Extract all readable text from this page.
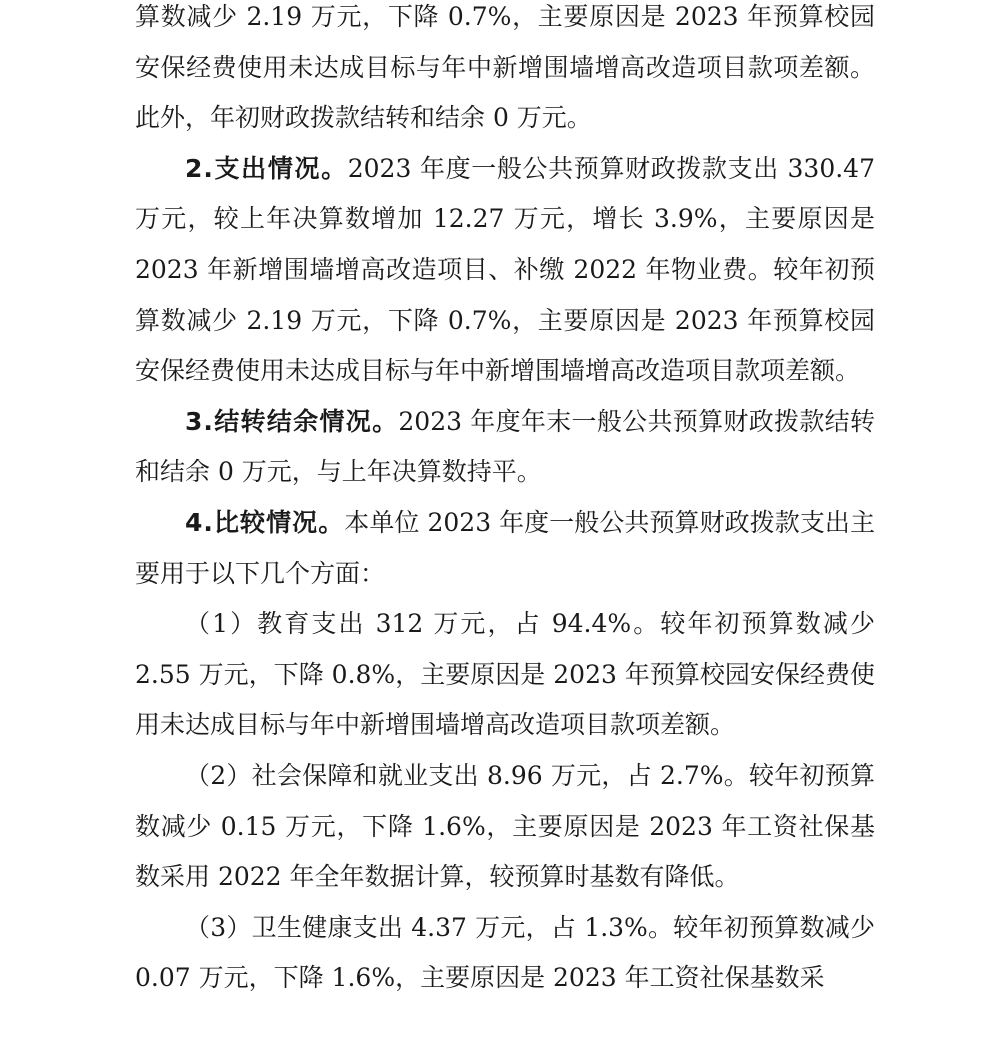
算数减少 2.19 万元，下降 0.7%，主要原因是 2023 年预算校园安保经费使用未达成目标与年中新增围墙增高改造项目款项差额。此外，年初财政拨款结转和结余 0 万元。

2.支出情况。2023 年度一般公共预算财政拨款支出 330.47 万元，较上年决算数增加 12.27 万元，增长 3.9%，主要原因是 2023 年新增围墙增高改造项目、补缴 2022 年物业费。较年初预算数减少 2.19 万元，下降 0.7%，主要原因是 2023 年预算校园安保经费使用未达成目标与年中新增围墙增高改造项目款项差额。

3.结转结余情况。2023 年度年末一般公共预算财政拨款结转和结余 0 万元，与上年决算数持平。

4.比较情况。本单位 2023 年度一般公共预算财政拨款支出主要用于以下几个方面：

（1）教育支出 312 万元，占 94.4%。较年初预算数减少 2.55 万元，下降 0.8%，主要原因是 2023 年预算校园安保经费使用未达成目标与年中新增围墙增高改造项目款项差额。

（2）社会保障和就业支出 8.96 万元，占 2.7%。较年初预算数减少 0.15 万元，下降 1.6%，主要原因是 2023 年工资社保基数采用 2022 年全年数据计算，较预算时基数有降低。

（3）卫生健康支出 4.37 万元，占 1.3%。较年初预算数减少 0.07 万元，下降 1.6%，主要原因是 2023 年工资社保基数采
